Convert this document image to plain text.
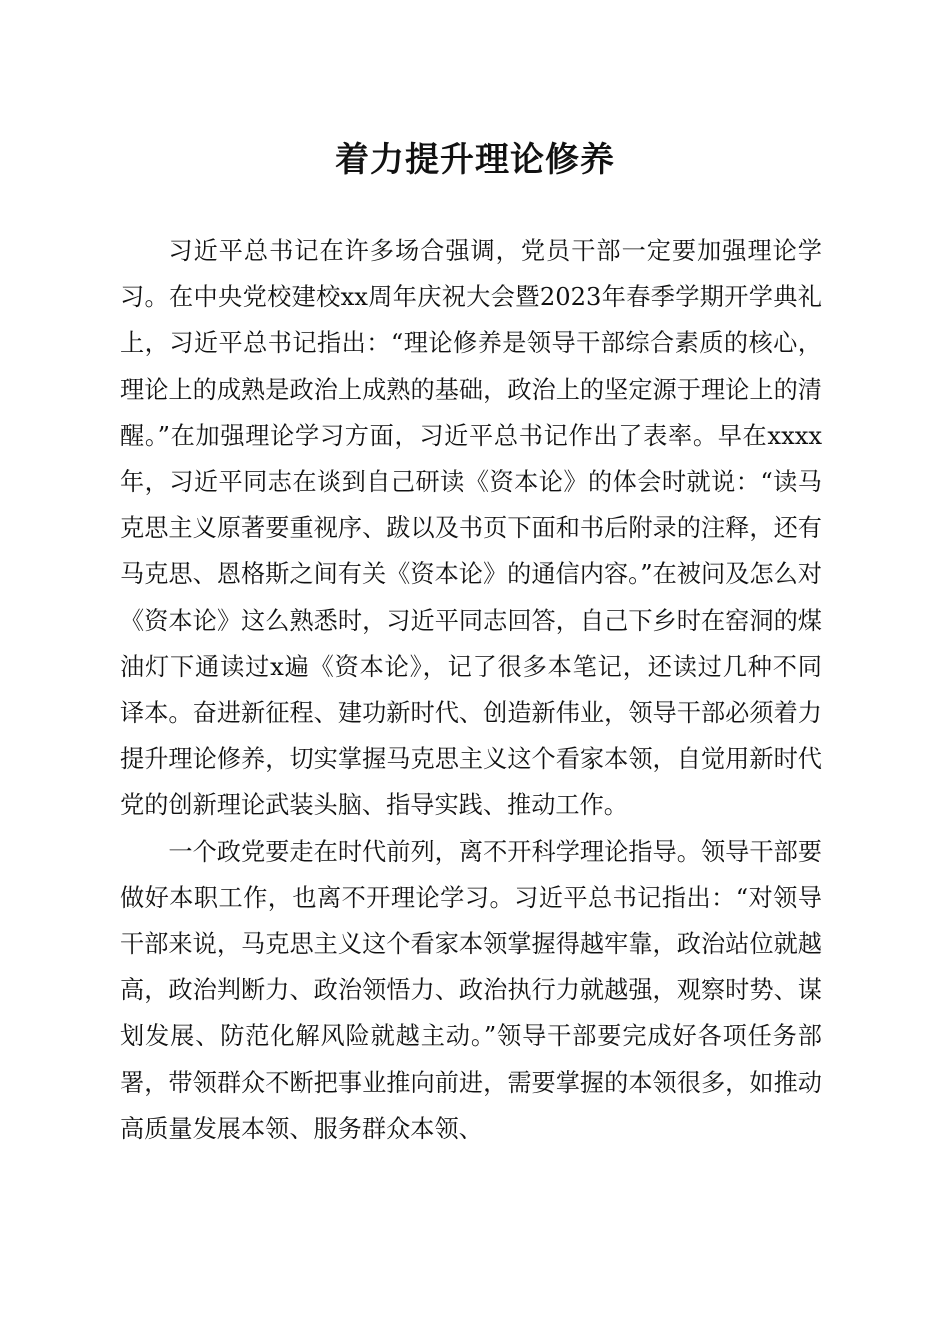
着力提升理论修养

习近平总书记在许多场合强调，党员干部一定要加强理论学习。在中央党校建校xx周年庆祝大会暨2023年春季学期开学典礼上，习近平总书记指出：“理论修养是领导干部综合素质的核心，理论上的成熟是政治上成熟的基础，政治上的坚定源于理论上的清醒。”在加强理论学习方面，习近平总书记作出了表率。早在xxxx年，习近平同志在谈到自己研读《资本论》的体会时就说：“读马克思主义原著要重视序、跋以及书页下面和书后附录的注释，还有马克思、恩格斯之间有关《资本论》的通信内容。”在被问及怎么对《资本论》这么熟悉时，习近平同志回答，自己下乡时在窑洞的煤油灯下通读过x遍《资本论》，记了很多本笔记，还读过几种不同译本。奋进新征程、建功新时代、创造新伟业，领导干部必须着力提升理论修养，切实掌握马克思主义这个看家本领，自觉用新时代党的创新理论武装头脑、指导实践、推动工作。

一个政党要走在时代前列，离不开科学理论指导。领导干部要做好本职工作，也离不开理论学习。习近平总书记指出：“对领导干部来说，马克思主义这个看家本领掌握得越牢靠，政治站位就越高，政治判断力、政治领悟力、政治执行力就越强，观察时势、谋划发展、防范化解风险就越主动。”领导干部要完成好各项任务部署，带领群众不断把事业推向前进，需要掌握的本领很多，如推动高质量发展本领、服务群众本领、
